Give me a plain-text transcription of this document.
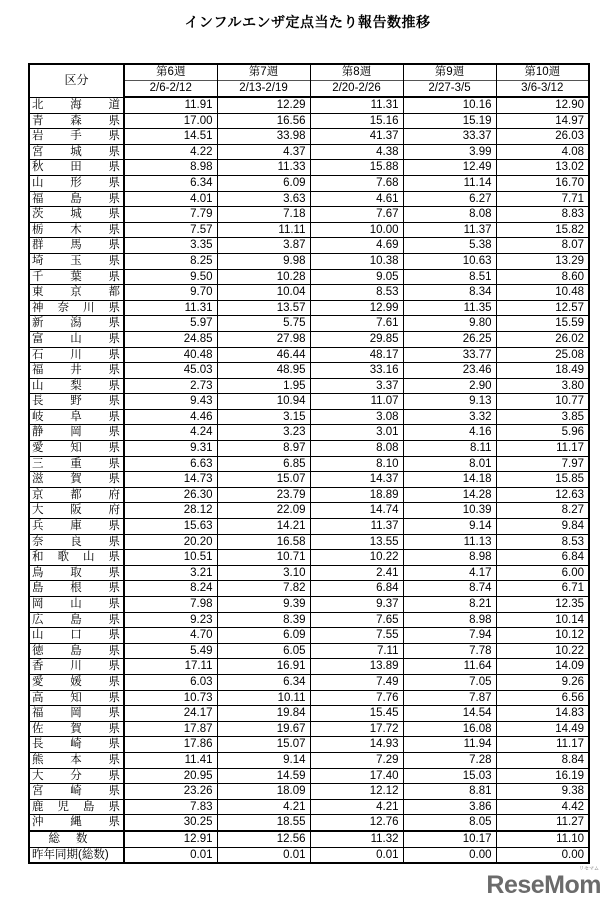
インフルエンザ定点当たり報告数推移
区分	第6週	第7週	第8週	第9週	第10週
	2/6-2/12	2/13-2/19	2/20-2/26	2/27-3/5	3/6-3/12
北海道	11.91	12.29	11.31	10.16	12.90
青森県	17.00	16.56	15.16	15.19	14.97
岩手県	14.51	33.98	41.37	33.37	26.03
宮城県	4.22	4.37	4.38	3.99	4.08
秋田県	8.98	11.33	15.88	12.49	13.02
山形県	6.34	6.09	7.68	11.14	16.70
福島県	4.01	3.63	4.61	6.27	7.71
茨城県	7.79	7.18	7.67	8.08	8.83
栃木県	7.57	11.11	10.00	11.37	15.82
群馬県	3.35	3.87	4.69	5.38	8.07
埼玉県	8.25	9.98	10.38	10.63	13.29
千葉県	9.50	10.28	9.05	8.51	8.60
東京都	9.70	10.04	8.53	8.34	10.48
神奈川県	11.31	13.57	12.99	11.35	12.57
新潟県	5.97	5.75	7.61	9.80	15.59
富山県	24.85	27.98	29.85	26.25	26.02
石川県	40.48	46.44	48.17	33.77	25.08
福井県	45.03	48.95	33.16	23.46	18.49
山梨県	2.73	1.95	3.37	2.90	3.80
長野県	9.43	10.94	11.07	9.13	10.77
岐阜県	4.46	3.15	3.08	3.32	3.85
静岡県	4.24	3.23	3.01	4.16	5.96
愛知県	9.31	8.97	8.08	8.11	11.17
三重県	6.63	6.85	8.10	8.01	7.97
滋賀県	14.73	15.07	14.37	14.18	15.85
京都府	26.30	23.79	18.89	14.28	12.63
大阪府	28.12	22.09	14.74	10.39	8.27
兵庫県	15.63	14.21	11.37	9.14	9.84
奈良県	20.20	16.58	13.55	11.13	8.53
和歌山県	10.51	10.71	10.22	8.98	6.84
鳥取県	3.21	3.10	2.41	4.17	6.00
島根県	8.24	7.82	6.84	8.74	6.71
岡山県	7.98	9.39	9.37	8.21	12.35
広島県	9.23	8.39	7.65	8.98	10.14
山口県	4.70	6.09	7.55	7.94	10.12
徳島県	5.49	6.05	7.11	7.78	10.22
香川県	17.11	16.91	13.89	11.64	14.09
愛媛県	6.03	6.34	7.49	7.05	9.26
高知県	10.73	10.11	7.76	7.87	6.56
福岡県	24.17	19.84	15.45	14.54	14.83
佐賀県	17.87	19.67	17.72	16.08	14.49
長崎県	17.86	15.07	14.93	11.94	11.17
熊本県	11.41	9.14	7.29	7.28	8.84
大分県	20.95	14.59	17.40	15.03	16.19
宮崎県	23.26	18.09	12.12	8.81	9.38
鹿児島県	7.83	4.21	4.21	3.86	4.42
沖縄県	30.25	18.55	12.76	8.05	11.27
総数	12.91	12.56	11.32	10.17	11.10
昨年同期(総数)	0.01	0.01	0.01	0.00	0.00
リセマム
ReseMom
